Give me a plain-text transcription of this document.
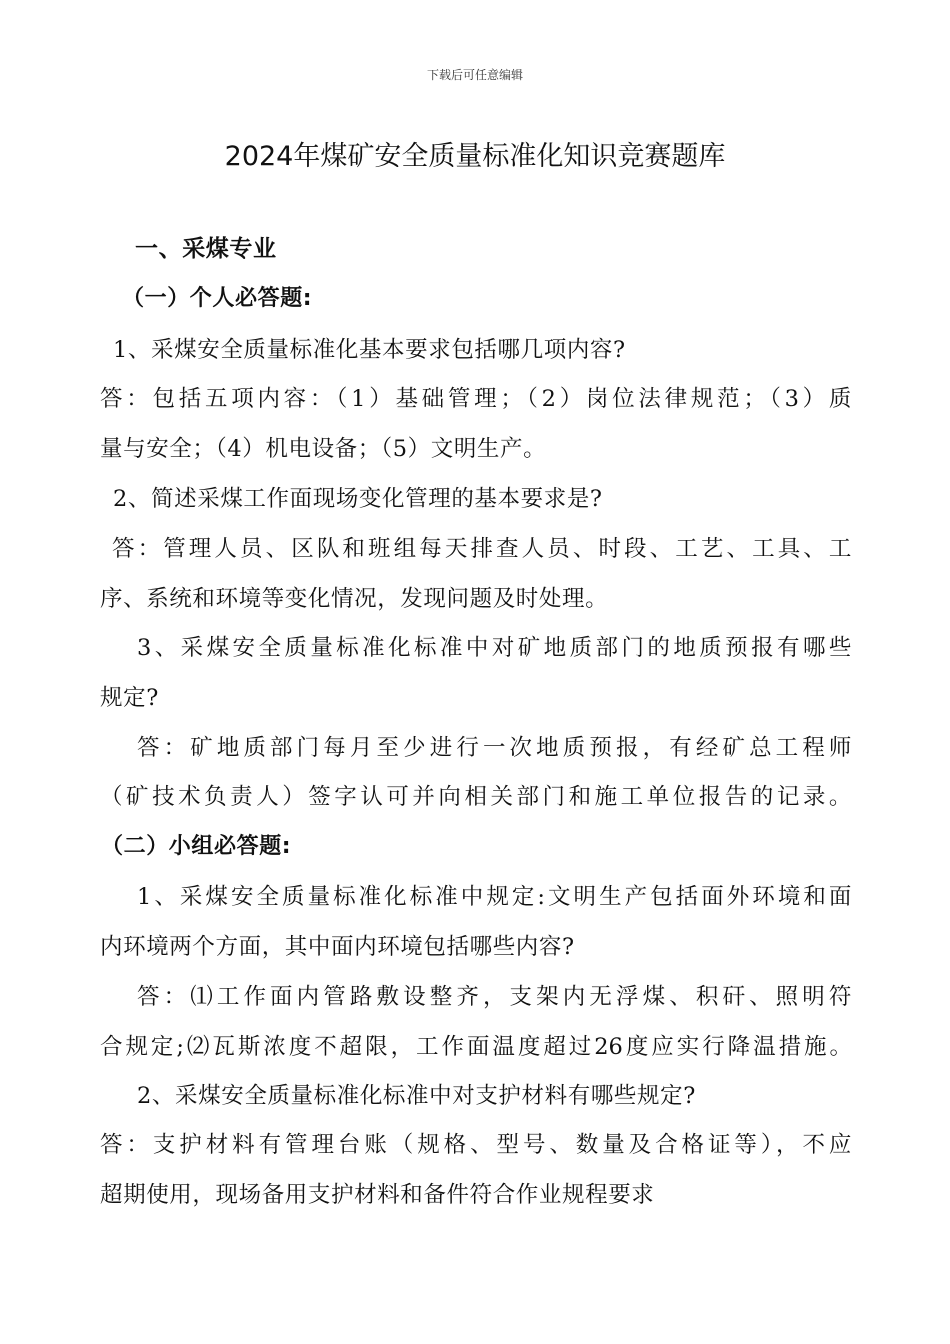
下载后可任意编辑
2024年煤矿安全质量标准化知识竞赛题库
一、采煤专业
（一）个人必答题:
1、采煤安全质量标准化基本要求包括哪几项内容?
答：包括五项内容：（1）基础管理；（2）岗位法律规范；（3）质
量与安全；（4）机电设备；（5）文明生产。
2、简述采煤工作面现场变化管理的基本要求是?
答：管理人员、区队和班组每天排查人员、时段、工艺、工具、工
序、系统和环境等变化情况，发现问题及时处理。
3、采煤安全质量标准化标准中对矿地质部门的地质预报有哪些
规定?
答：矿地质部门每月至少进行一次地质预报，有经矿总工程师
（矿技术负责人）签字认可并向相关部门和施工单位报告的记录。
（二）小组必答题:
1、采煤安全质量标准化标准中规定:文明生产包括面外环境和面
内环境两个方面，其中面内环境包括哪些内容?
答：⑴工作面内管路敷设整齐，支架内无浮煤、积矸、照明符
合规定;⑵瓦斯浓度不超限，工作面温度超过26度应实行降温措施。
2、采煤安全质量标准化标准中对支护材料有哪些规定?
答：支护材料有管理台账（规格、型号、数量及合格证等），不应
超期使用，现场备用支护材料和备件符合作业规程要求
